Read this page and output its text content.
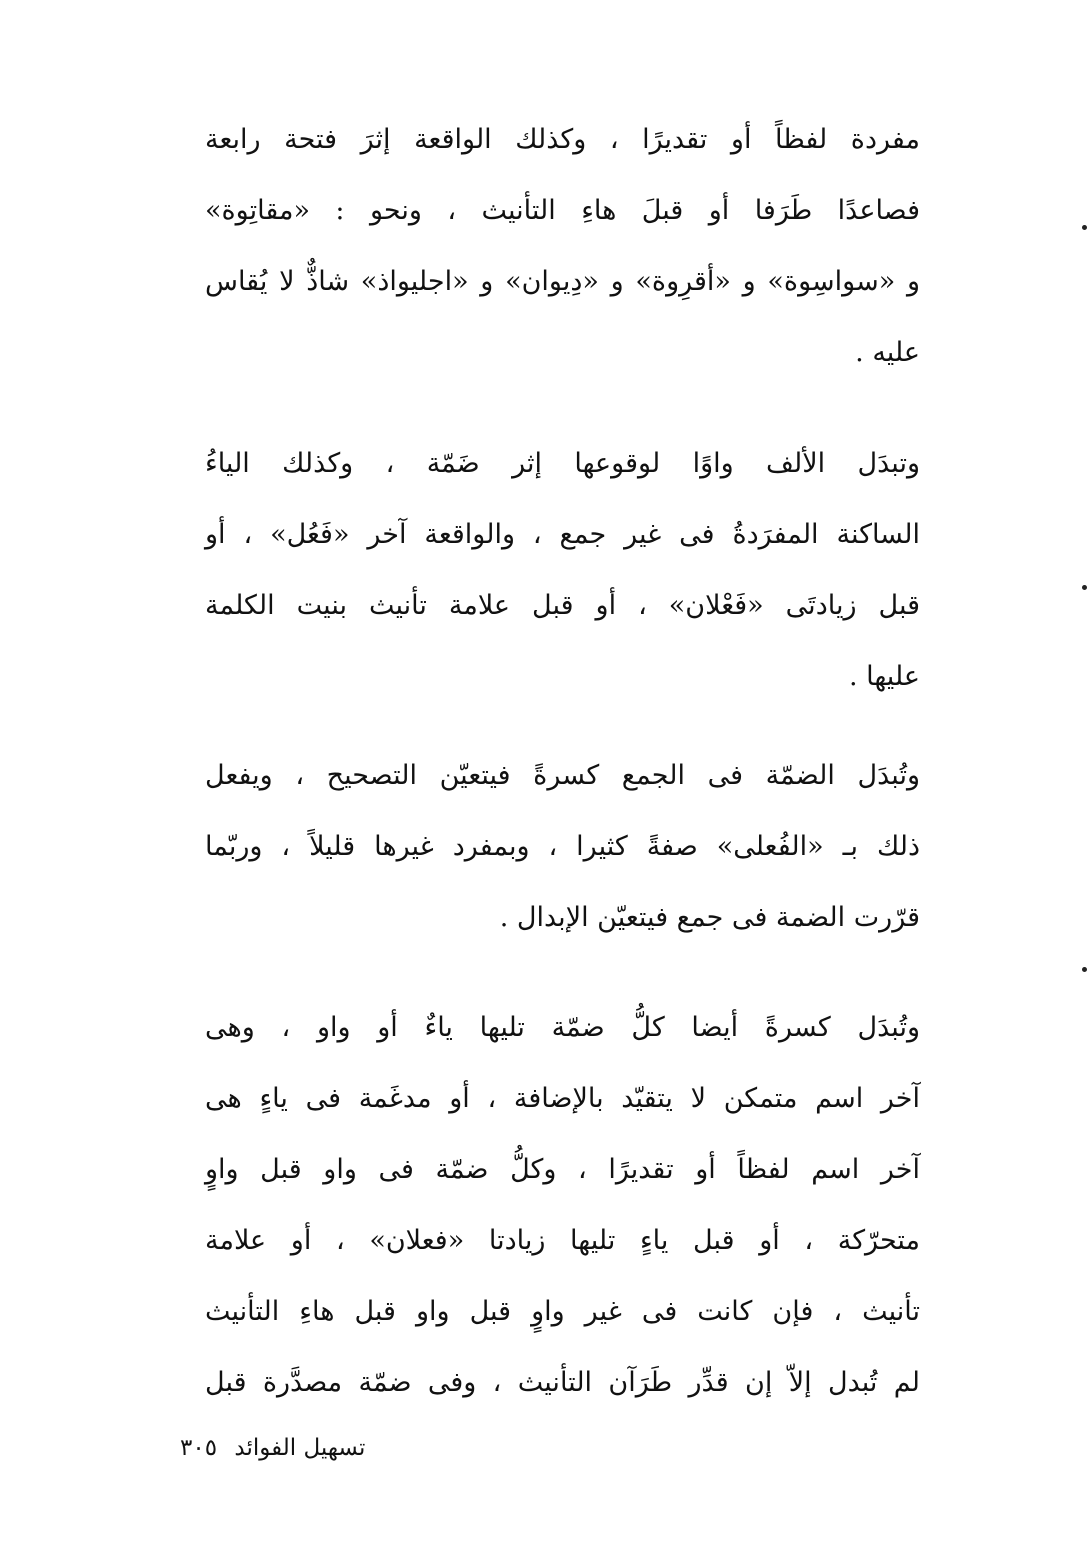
مفردة لفظاً أو تقديرًا ، وكذلك الواقعة إثرَ فتحة رابعة
فصاعدًا طَرَفا أو قبلَ هاءِ التأنيث ، ونحو : «مقاتِوة»
و «سواسِوة» و «أقرِوة» و «دِيوان» و «اجليواذ» شاذٌّ لا يُقاس
عليه .
وتبدَل الألف واوًا لوقوعها إثر ضَمّة ، وكذلك الياءُ
الساكنة المفرَدةُ فى غير جمع ، والواقعة آخر «فَعُل» ، أو
قبل زيادتَى «فَعْلان» ، أو قبل علامة تأنيث بنيت الكلمة
عليها .
وتُبدَل الضمّة فى الجمع كسرةً فيتعيّن التصحيح ، ويفعل
ذلك بـ «الفُعلى» صفةً كثيرا ، وبمفرد غيرها قليلاً ، وربّما
قرّرت الضمة فى جمع فيتعيّن الإبدال .
وتُبدَل كسرةً أيضا كلُّ ضمّة تليها ياءٌ أو واو ، وهى
آخر اسم متمكن لا يتقيّد بالإضافة ، أو مدغَمة فى ياءٍ هى
آخر اسم لفظاً أو تقديرًا ، وكلُّ ضمّة فى واو قبل واوٍ
متحرّكة ، أو قبل ياءٍ تليها زيادتا «فعلان» ، أو علامة
تأنيث ، فإن كانت فى غير واوٍ قبل واو قبل هاءِ التأنيث
لم تُبدل إلاّ إن قدِّر طَرَآن التأنيث ، وفى ضمّة مصدَّرة قبل
تسهيل الفوائد ٣٠٥
